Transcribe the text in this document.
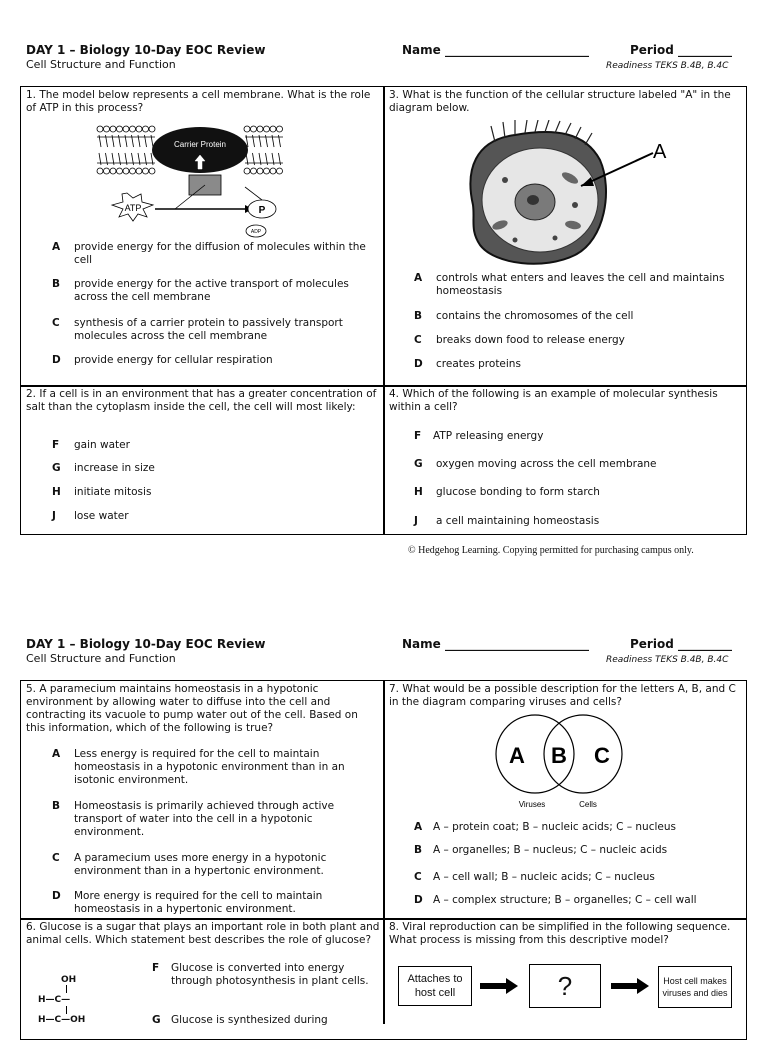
DAY 1 – Biology 10-Day EOC Review
Cell Structure and Function
Name ________________________	Period _________
Readiness TEKS B.4B, B.4C
1. The model below represents a cell membrane. What is the role of ATP in this process?
Carrier Protein
ATP	P
ADP
A	provide energy for the diffusion of molecules within the cell
B	provide energy for the active transport of molecules across the cell membrane
C	synthesis of a carrier protein to passively transport molecules across the cell membrane
D	provide energy for cellular respiration
3. What is the function of the cellular structure labeled "A" in the diagram below.
A
A	controls what enters and leaves the cell and maintains homeostasis
B	contains the chromosomes of the cell
C	breaks down food to release energy
D	creates proteins
2. If a cell is in an environment that has a greater concentration of salt than the cytoplasm inside the cell, the cell will most likely:
F	gain water
G	increase in size
H	initiate mitosis
J	lose water
4. Which of the following is an example of molecular synthesis within a cell?
F	ATP releasing energy
G	oxygen moving across the cell membrane
H	glucose bonding to form starch
J	a cell maintaining homeostasis
© Hedgehog Learning. Copying permitted for purchasing campus only.
DAY 1 – Biology 10-Day EOC Review
Cell Structure and Function
Name ________________________	Period _________
Readiness TEKS B.4B, B.4C
5. A paramecium maintains homeostasis in a hypotonic environment by allowing water to diffuse into the cell and contracting its vacuole to pump water out of the cell. Based on this information, which of the following is true?
A	Less energy is required for the cell to maintain homeostasis in a hypotonic environment than in an isotonic environment.
B	Homeostasis is primarily achieved through active transport of water into the cell in a hypotonic environment.
C	A paramecium uses more energy in a hypotonic environment than in a hypertonic environment.
D	More energy is required for the cell to maintain homeostasis in a hypertonic environment.
6. Glucose is a sugar that plays an important role in both plant and animal cells. Which statement best describes the role of glucose?
OH
H—C—
H—C—OH
F	Glucose is converted into energy through photosynthesis in plant cells.
G Glucose is synthesized during
7. What would be a possible description for the letters A, B, and C in the diagram comparing viruses and cells?
A B C
Viruses	Cells
A	A – protein coat; B – nucleic acids; C – nucleus
B	A – organelles; B – nucleus; C – nucleic acids
C	A – cell wall; B – nucleic acids; C – nucleus
D A – complex structure; B – organelles; C – cell wall
8. Viral reproduction can be simplified in the following sequence. What process is missing from this descriptive model?
Attaches to host cell	?	Host cell makes viruses and dies
